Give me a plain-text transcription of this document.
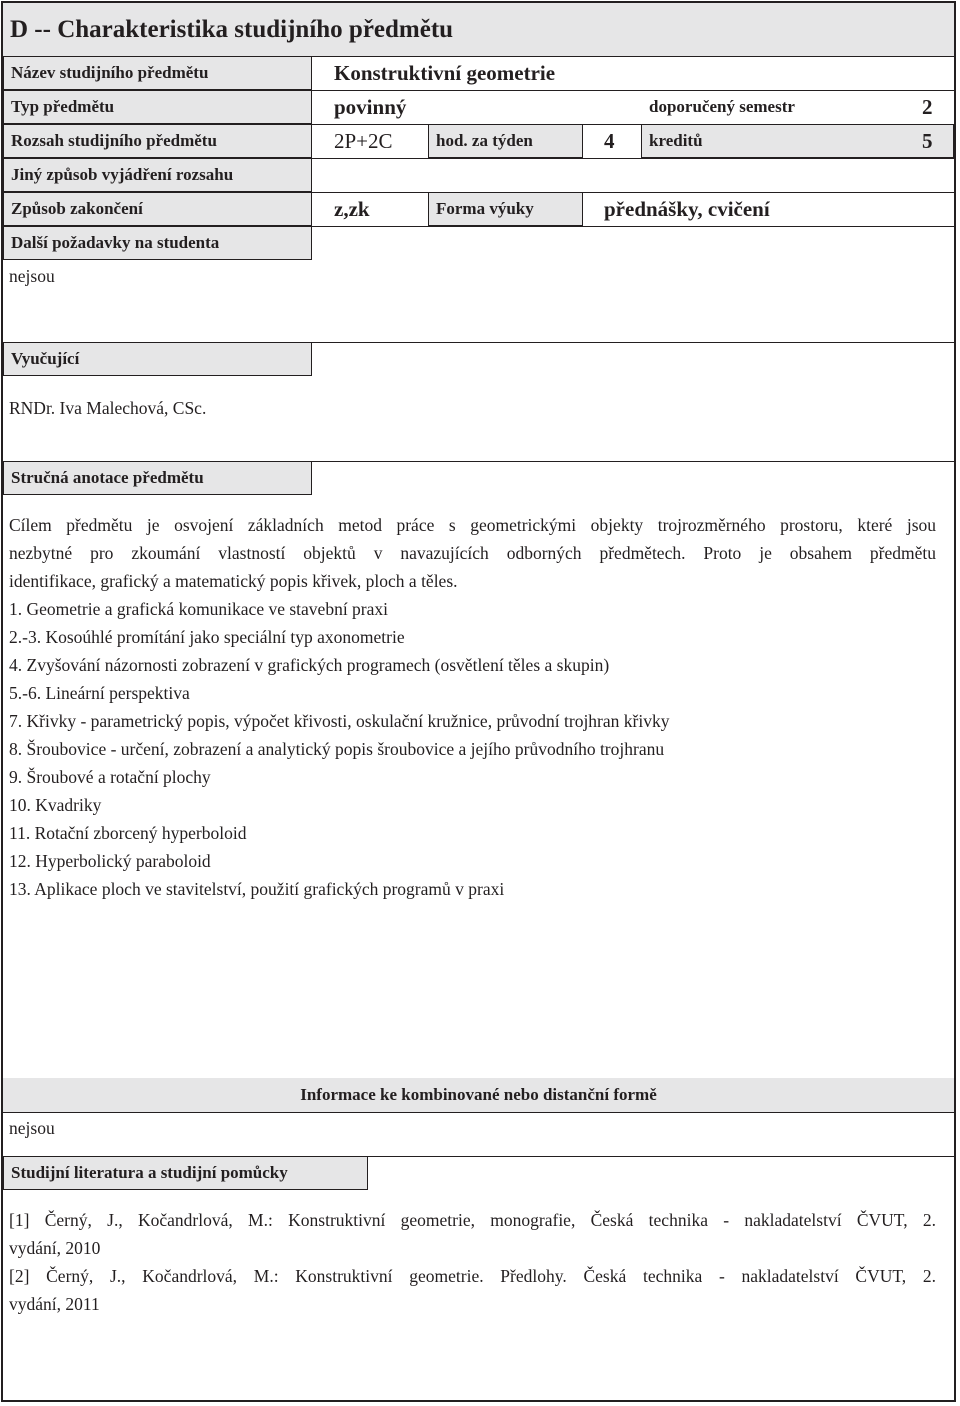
D -- Charakteristika studijního předmětu
Název studijního předmětu	Konstruktivní geometrie
Typ předmětu	povinný	doporučený semestr	2
Rozsah studijního předmětu	2P+2C	hod. za týden	4	kreditů	5
Jiný způsob vyjádření rozsahu
Způsob zakončení	z,zk	Forma výuky	přednášky, cvičení
Další požadavky na studenta
nejsou
Vyučující
RNDr. Iva Malechová, CSc.
Stručná anotace předmětu
Cílem předmětu je osvojení základních metod práce s geometrickými objekty trojrozměrného prostoru, které jsou
nezbytné pro zkoumání vlastností objektů v navazujících odborných předmětech. Proto je obsahem předmětu
identifikace, grafický a matematický popis křivek, ploch a těles.
1. Geometrie a grafická komunikace ve stavební praxi
2.-3. Kosoúhlé promítání jako speciální typ axonometrie
4. Zvyšování názornosti zobrazení v grafických programech (osvětlení těles a skupin)
5.-6. Lineární perspektiva
7. Křivky - parametrický popis, výpočet křivosti, oskulační kružnice, průvodní trojhran křivky
8. Šroubovice - určení, zobrazení a analytický popis šroubovice a jejího průvodního trojhranu
9. Šroubové a rotační plochy
10. Kvadriky
11. Rotační zborcený hyperboloid
12. Hyperbolický paraboloid
13. Aplikace ploch ve stavitelství, použití grafických programů v praxi
Informace ke kombinované nebo distanční formě
nejsou
Studijní literatura a studijní pomůcky
[1] Černý, J., Kočandrlová, M.: Konstruktivní geometrie, monografie, Česká technika - nakladatelství ČVUT, 2.
vydání, 2010
[2] Černý, J., Kočandrlová, M.: Konstruktivní geometrie. Předlohy. Česká technika - nakladatelství ČVUT, 2.
vydání, 2011
